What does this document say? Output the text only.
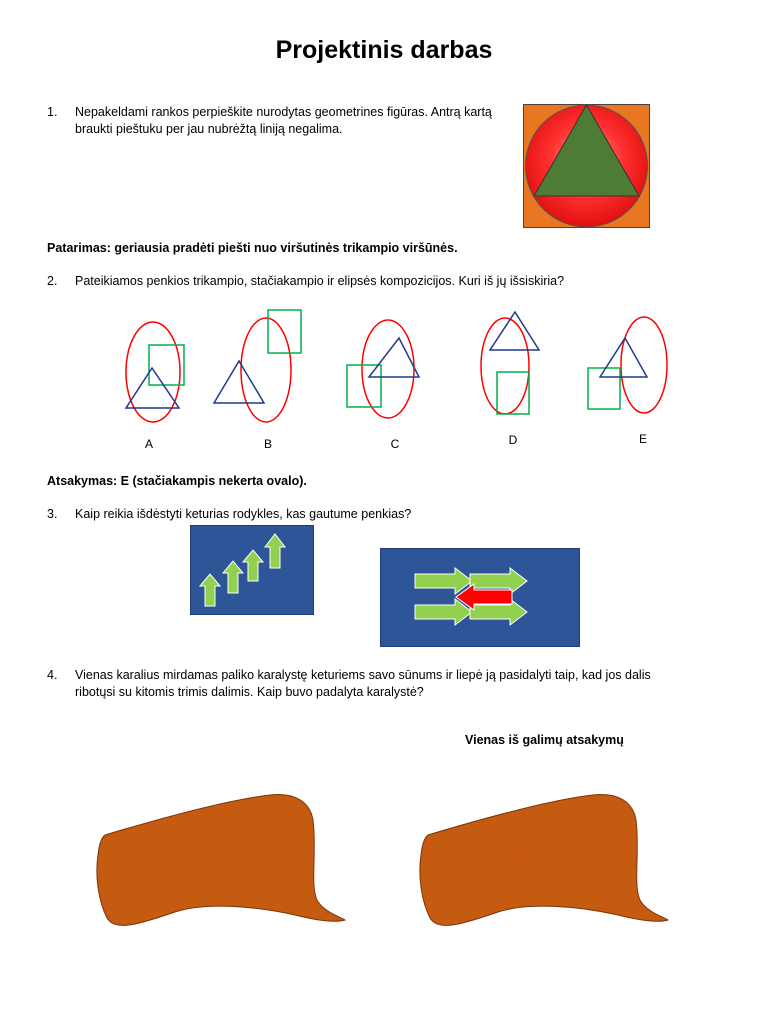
Projektinis darbas
1. Nepakeldami rankos perpieškite nurodytas geometrines figūras. Antrą kartą braukti pieštuku per jau nubrėžtą liniją negalima.
Patarimas: geriausia pradėti piešti nuo viršutinės trikampio viršūnės.
2. Pateikiamos penkios trikampio, stačiakampio ir elipsės kompozicijos. Kuri iš jų išsiskiria?
A	B	C	D	E
Atsakymas: E (stačiakampis nekerta ovalo).
3. Kaip reikia išdėstyti keturias rodykles, kas gautume penkias?
4. Vienas karalius mirdamas paliko karalystę keturiems savo sūnums ir liepė ją pasidalyti taip, kad jos dalis ribotųsi su kitomis trimis dalimis. Kaip buvo padalyta karalystė?
Vienas iš galimų atsakymų
